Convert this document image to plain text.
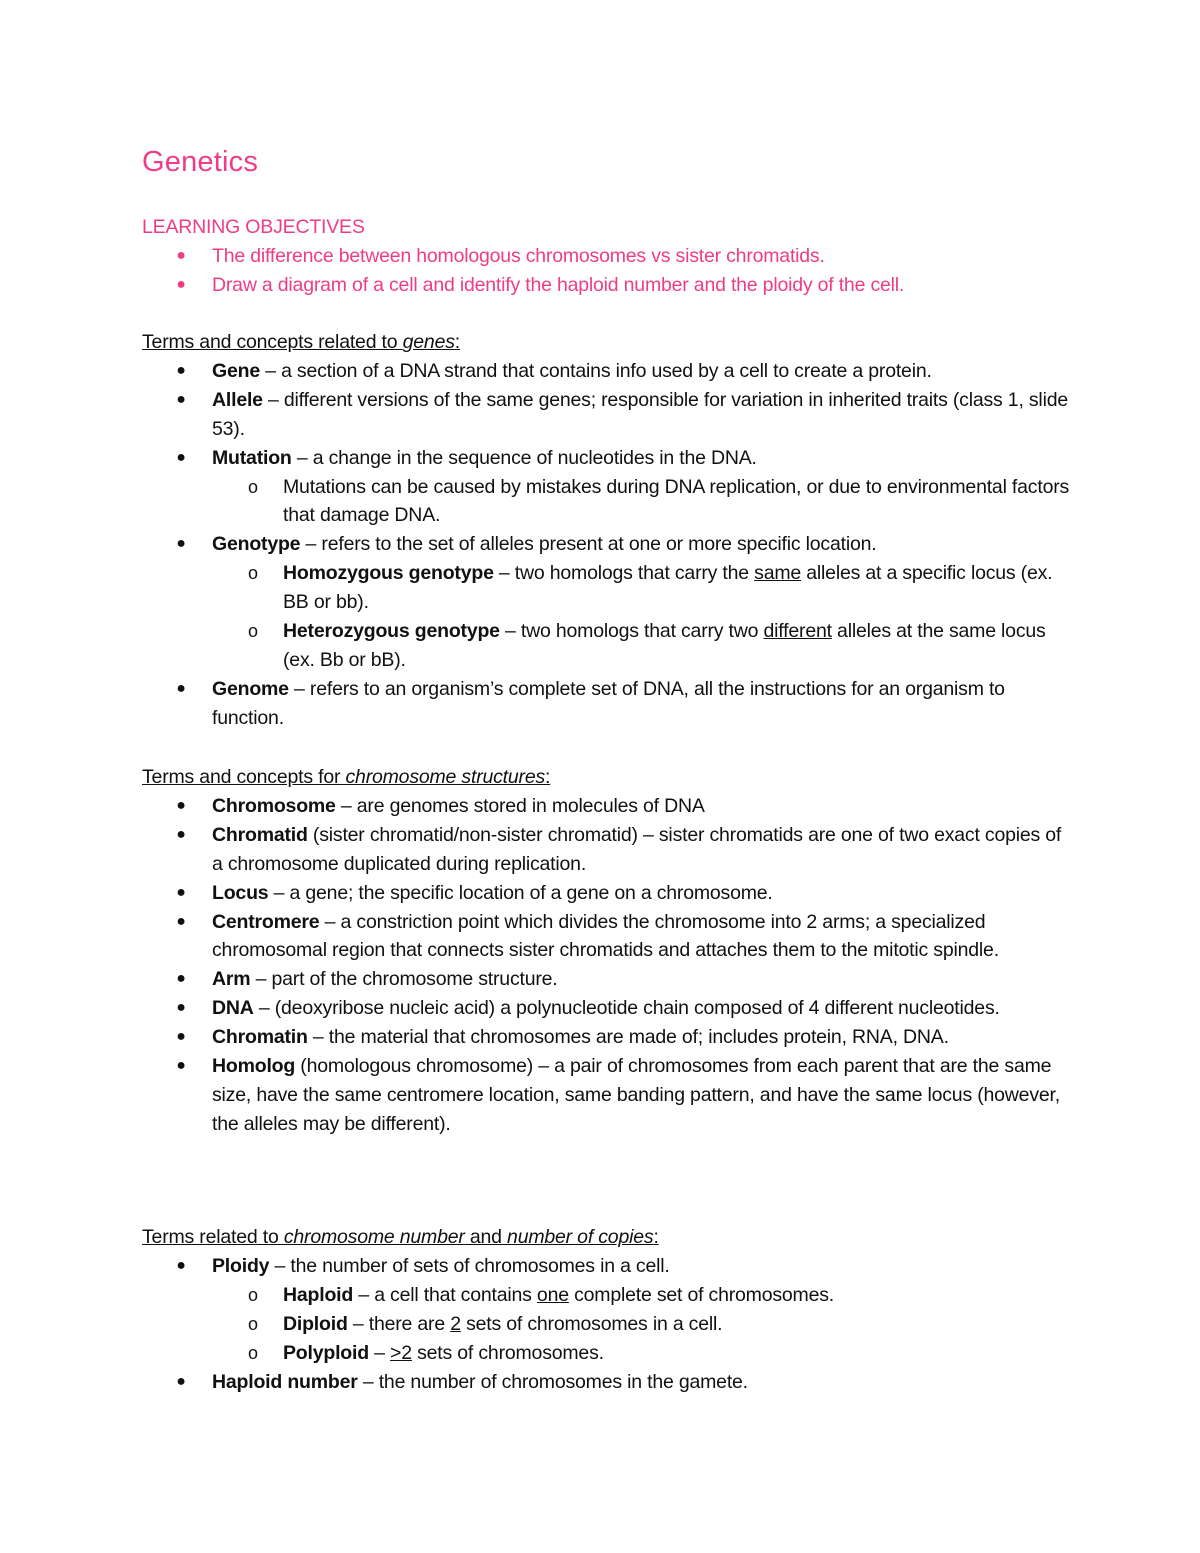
Genetics
LEARNING OBJECTIVES
● The difference between homologous chromosomes vs sister chromatids.
● Draw a diagram of a cell and identify the haploid number and the ploidy of the cell.
Terms and concepts related to genes:
● Gene – a section of a DNA strand that contains info used by a cell to create a protein.
● Allele – different versions of the same genes; responsible for variation in inherited traits (class 1, slide 53).
● Mutation – a change in the sequence of nucleotides in the DNA.
o Mutations can be caused by mistakes during DNA replication, or due to environmental factors that damage DNA.
● Genotype – refers to the set of alleles present at one or more specific location.
o Homozygous genotype – two homologs that carry the same alleles at a specific locus (ex. BB or bb).
o Heterozygous genotype – two homologs that carry two different alleles at the same locus (ex. Bb or bB).
● Genome – refers to an organism’s complete set of DNA, all the instructions for an organism to function.
Terms and concepts for chromosome structures:
● Chromosome – are genomes stored in molecules of DNA
● Chromatid (sister chromatid/non-sister chromatid) – sister chromatids are one of two exact copies of a chromosome duplicated during replication.
● Locus – a gene; the specific location of a gene on a chromosome.
● Centromere – a constriction point which divides the chromosome into 2 arms; a specialized chromosomal region that connects sister chromatids and attaches them to the mitotic spindle.
● Arm – part of the chromosome structure.
● DNA – (deoxyribose nucleic acid) a polynucleotide chain composed of 4 different nucleotides.
● Chromatin – the material that chromosomes are made of; includes protein, RNA, DNA.
● Homolog (homologous chromosome) – a pair of chromosomes from each parent that are the same size, have the same centromere location, same banding pattern, and have the same locus (however, the alleles may be different).
Terms related to chromosome number and number of copies:
● Ploidy – the number of sets of chromosomes in a cell.
o Haploid – a cell that contains one complete set of chromosomes.
o Diploid – there are 2 sets of chromosomes in a cell.
o Polyploid – >2 sets of chromosomes.
● Haploid number – the number of chromosomes in the gamete.
